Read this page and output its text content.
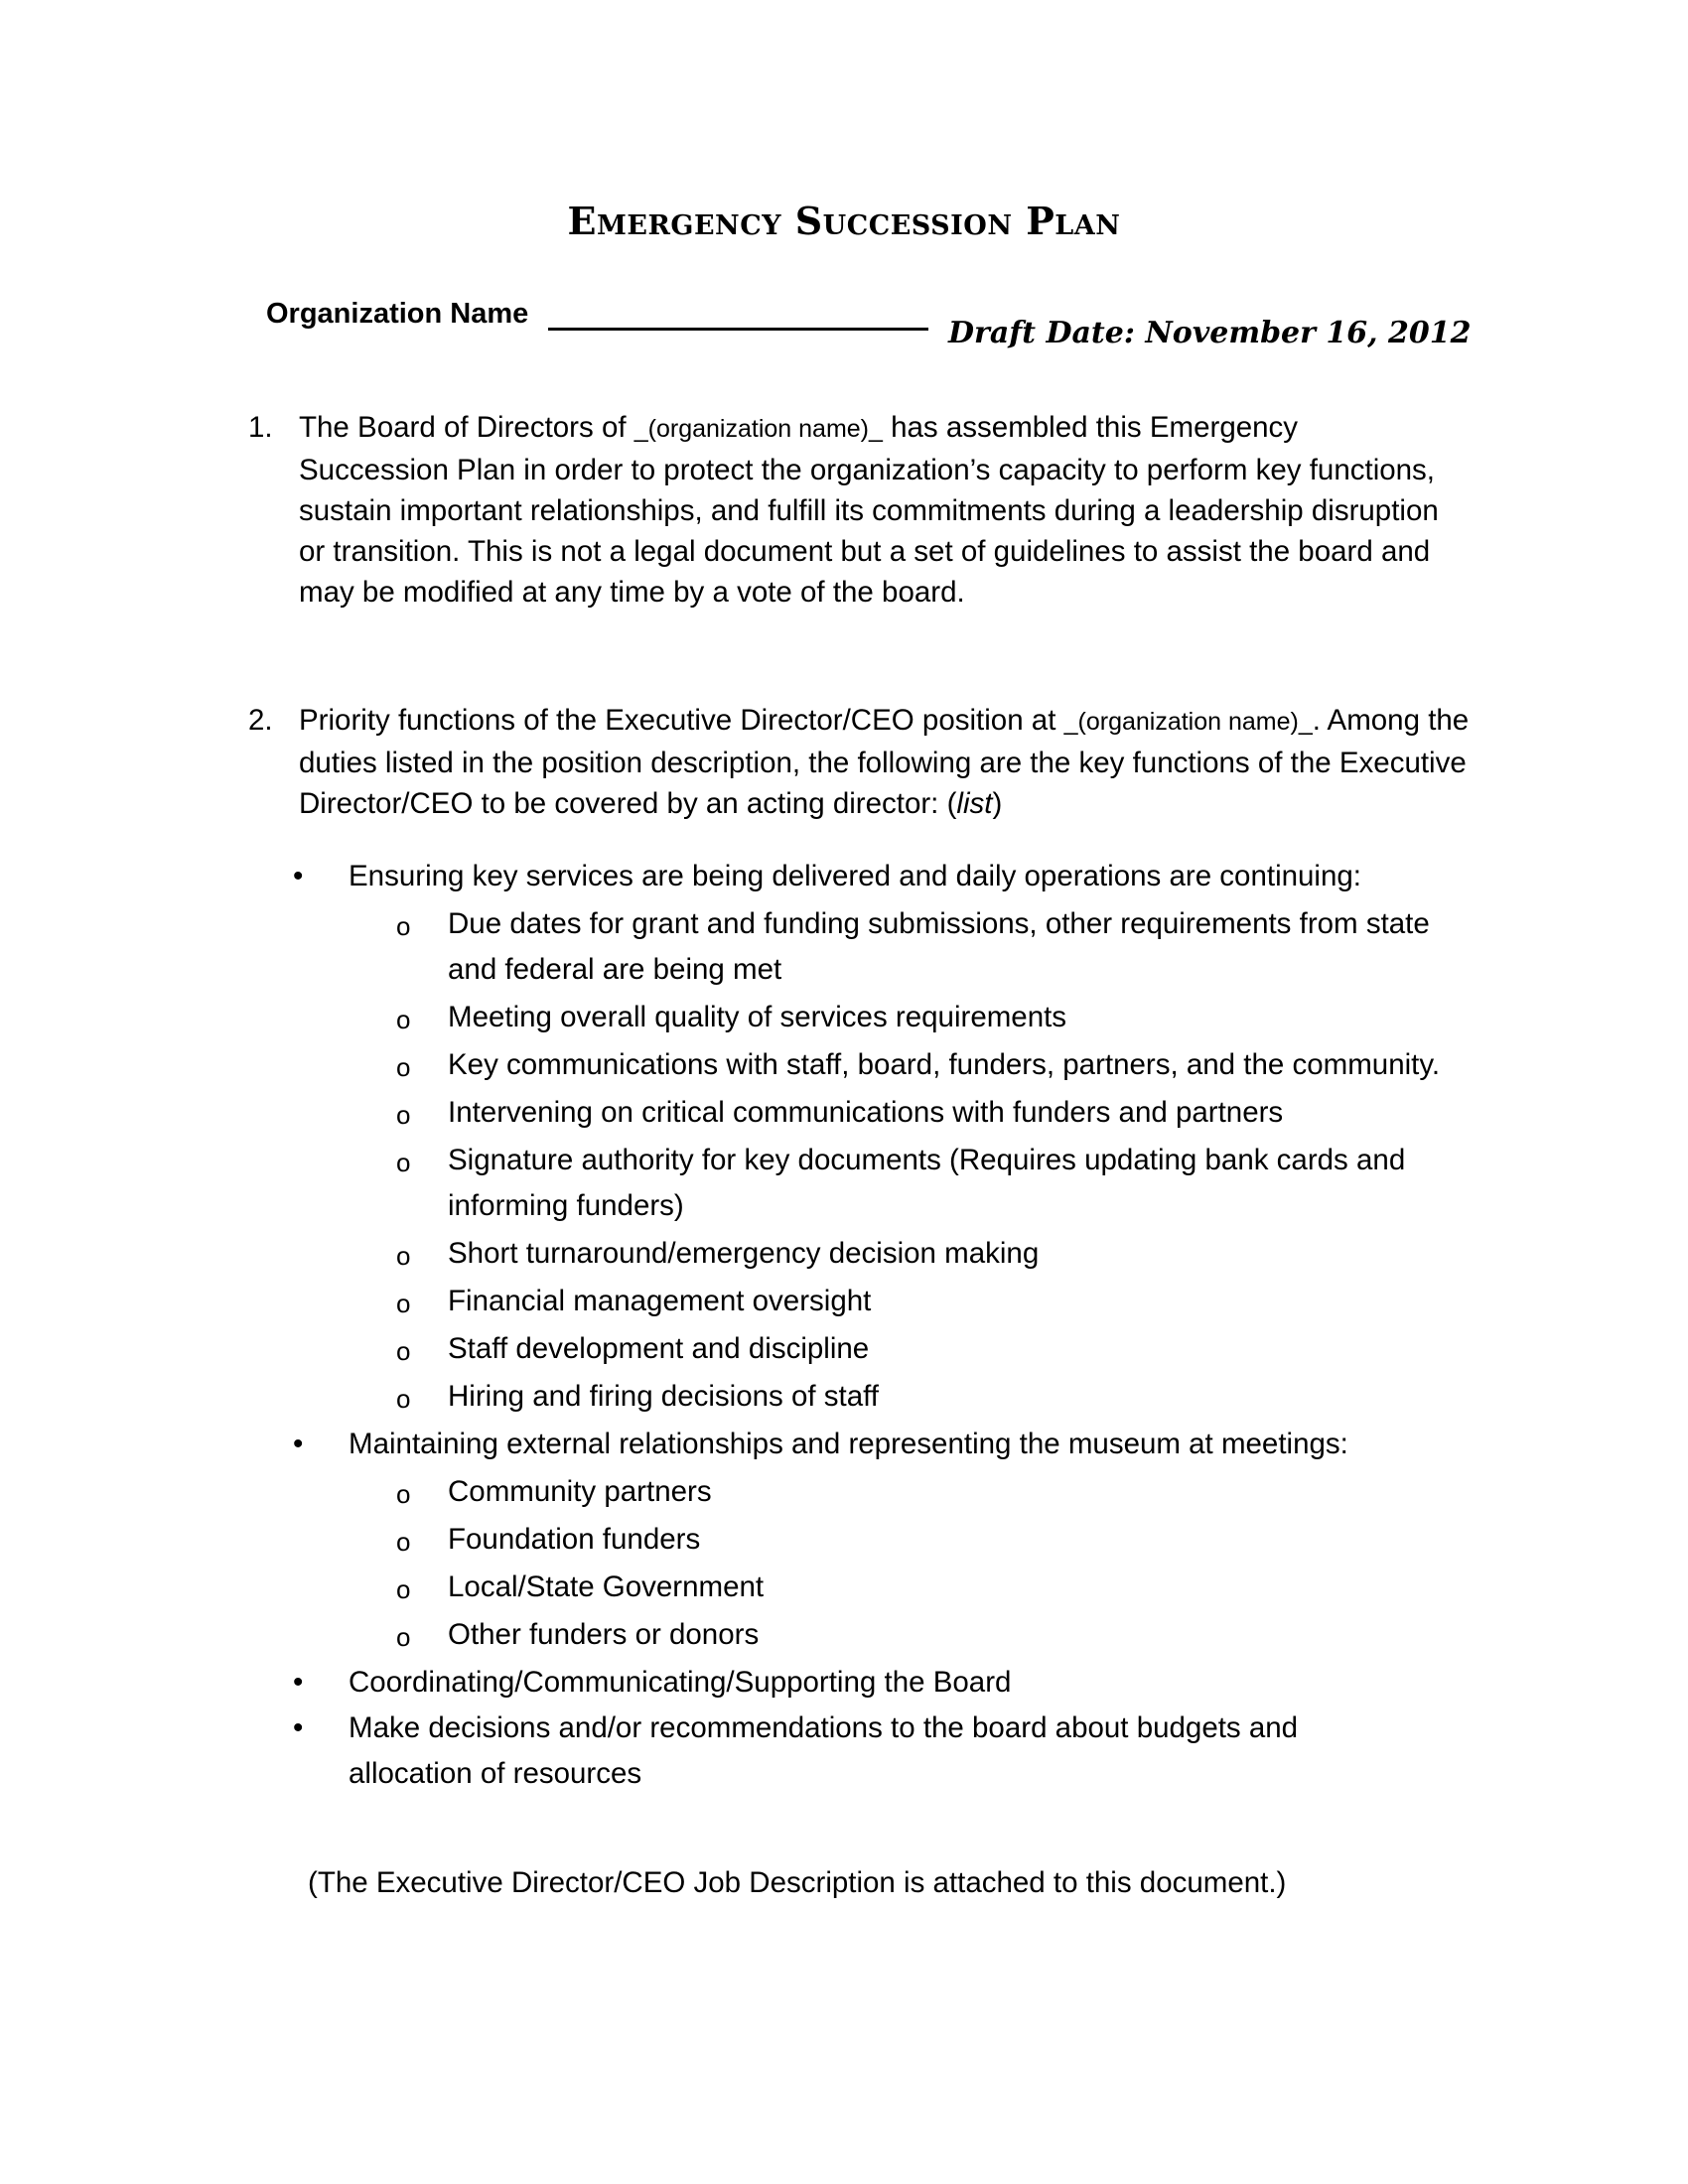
Emergency Succession Plan
Organization Name
Draft Date: November 16, 2012
1. The Board of Directors of _(organization name)_ has assembled this Emergency Succession Plan in order to protect the organization’s capacity to perform key functions, sustain important relationships, and fulfill its commitments during a leadership disruption or transition. This is not a legal document but a set of guidelines to assist the board and may be modified at any time by a vote of the board.
2. Priority functions of the Executive Director/CEO position at _(organization name)_. Among the duties listed in the position description, the following are the key functions of the Executive Director/CEO to be covered by an acting director: (list)
•	Ensuring key services are being delivered and daily operations are continuing:
o Due dates for grant and funding submissions, other requirements from state and federal are being met
o Meeting overall quality of services requirements
o Key communications with staff, board, funders, partners, and the community.
o Intervening on critical communications with funders and partners
o Signature authority for key documents (Requires updating bank cards and informing funders)
o Short turnaround/emergency decision making
o Financial management oversight
o Staff development and discipline
o Hiring and firing decisions of staff
•	Maintaining external relationships and representing the museum at meetings:
o Community partners
o Foundation funders
o Local/State Government
o Other funders or donors
•	Coordinating/Communicating/Supporting the Board
•	Make decisions and/or recommendations to the board about budgets and allocation of resources
(The Executive Director/CEO Job Description is attached to this document.)
